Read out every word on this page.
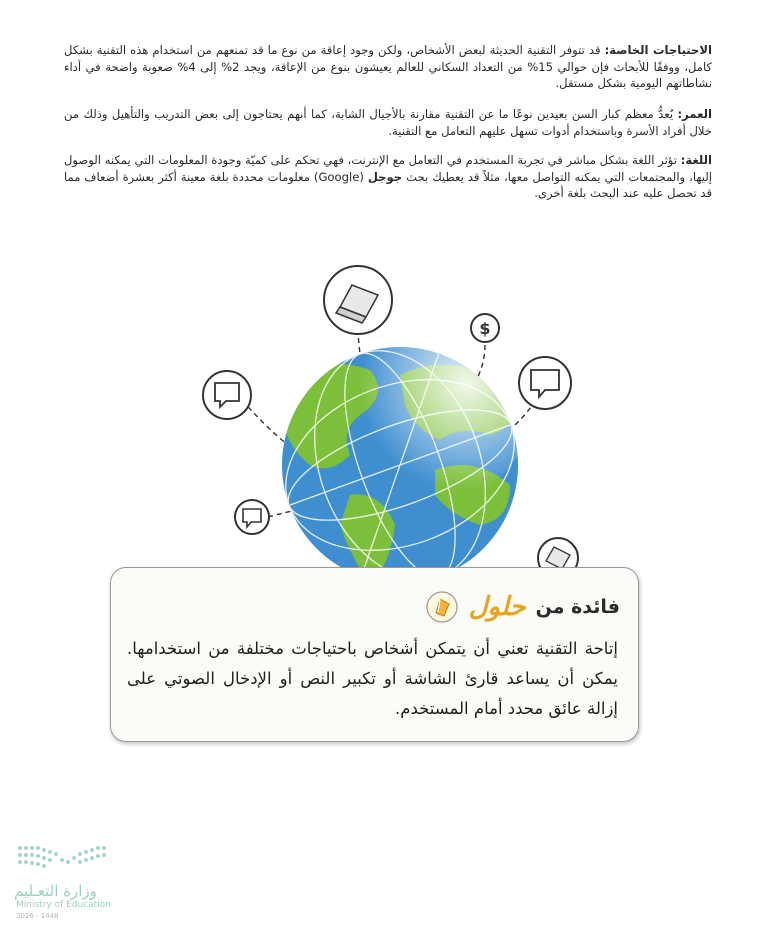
الاحتياجات الخاصة: قد تتوفر التقنية الحديثة لبعض الأشخاص، ولكن وجود إعاقة من نوع ما قد تمنعهم من استخدام هذه التقنية بشكل كامل، ووفقًا للأبحاث فإن حوالي 15% من التعداد السكاني للعالم يعيشون بنوع من الإعاقة، ويجد 2% إلى 4% صعوبة واضحة في أداء نشاطاتهم اليومية بشكل مستقل.
العمر: يُعدُّ معظم كبار السن بعيدين نوعًا ما عن التقنية مقارنة بالأجيال الشابة، كما أنهم يحتاجون إلى بعض التدريب والتأهيل وذلك من خلال أفراد الأسرة وباستخدام أدوات تسهل عليهم التعامل مع التقنية.
اللغة: تؤثر اللغة بشكل مباشر في تجربة المستخدم في التعامل مع الإنترنت، فهي تحكم على كميّة وجودة المعلومات التي يمكنه الوصول إليها، والمجتمعات التي يمكنه التواصل معها، مثلاً قد يعطيك بحث جوجل (Google) معلومات محددة بلغة معينة أكثر بعشرة أضعاف مما قد تحصل عليه عند البحث بلغة أخرى.
$
فائدة من
حلول
إتاحة التقنية تعني أن يتمكن أشخاص باحتياجات مختلفة من استخدامها. يمكن أن يساعد قارئ الشاشة أو تكبير النص أو الإدخال الصوتي على إزالة عائق محدد أمام المستخدم.
وزارة التعـليم
Ministry of Education
2026 - 1448
